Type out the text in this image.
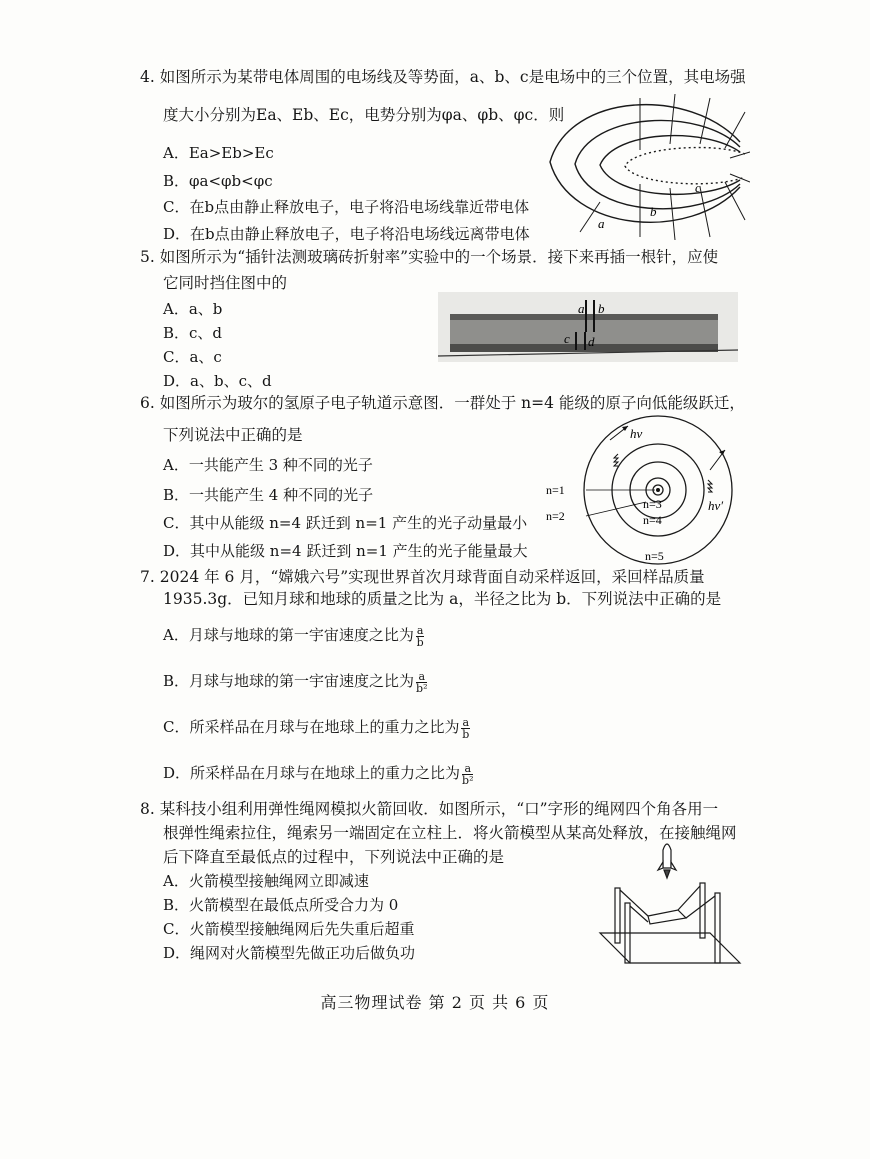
4. 如图所示为某带电体周围的电场线及等势面，a、b、c是电场中的三个位置，其电场强
度大小分别为Ea、Eb、Ec，电势分别为φa、φb、φc．则
A．Ea>Eb>Ec
B．φa<φb<φc
C．在b点由静止释放电子，电子将沿电场线靠近带电体
D．在b点由静止释放电子，电子将沿电场线远离带电体
a
b
c
5. 如图所示为“插针法测玻璃砖折射率”实验中的一个场景．接下来再插一根针，应使
它同时挡住图中的
A．a、b
B．c、d
C．a、c
D．a、b、c、d
a b
c d
6. 如图所示为玻尔的氢原子电子轨道示意图．一群处于 n=4 能级的原子向低能级跃迁，
下列说法中正确的是
A．一共能产生 3 种不同的光子
B．一共能产生 4 种不同的光子
C．其中从能级 n=4 跃迁到 n=1 产生的光子动量最小
D．其中从能级 n=4 跃迁到 n=1 产生的光子能量最大
hν
hν′
n=1
n=2
n=3
n=4
n=5
7. 2024 年 6 月，“嫦娥六号”实现世界首次月球背面自动采样返回，采回样品质量
1935.3g．已知月球和地球的质量之比为 a，半径之比为 b．下列说法中正确的是
A．月球与地球的第一宇宙速度之比为 $\frac{a}{b}$
B．月球与地球的第一宇宙速度之比为 $\frac{a}{\text{b²}}$
C．所采样品在月球与在地球上的重力之比为 $\frac{a}{b}$
D．所采样品在月球与在地球上的重力之比为 $\frac{a}{\text{b²}}$
8. 某科技小组利用弹性绳网模拟火箭回收．如图所示，“口”字形的绳网四个角各用一
根弹性绳索拉住，绳索另一端固定在立柱上．将火箭模型从某高处释放，在接触绳网
后下降直至最低点的过程中，下列说法中正确的是
A．火箭模型接触绳网立即减速
B．火箭模型在最低点所受合力为 0
C．火箭模型接触绳网后先失重后超重
D．绳网对火箭模型先做正功后做负功
高三物理试卷 第 2 页 共 6 页
